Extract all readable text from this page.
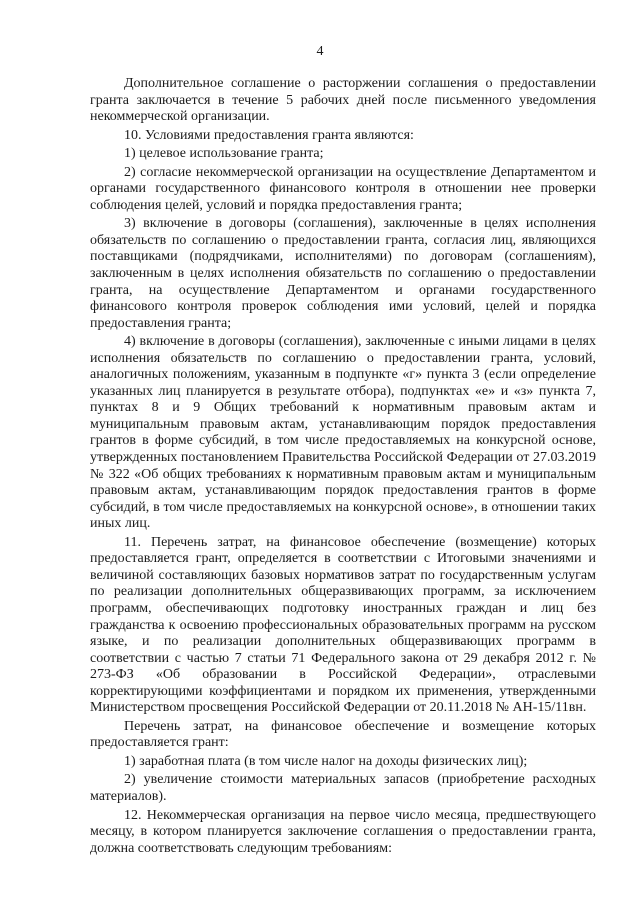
4

Дополнительное соглашение о расторжении соглашения о предоставлении гранта заключается в течение 5 рабочих дней после письменного уведомления некоммерческой организации.

10. Условиями предоставления гранта являются:

1) целевое использование гранта;

2) согласие некоммерческой организации на осуществление Департаментом и органами государственного финансового контроля в отношении нее проверки соблюдения целей, условий и порядка предоставления гранта;

3) включение в договоры (соглашения), заключенные в целях исполнения обязательств по соглашению о предоставлении гранта, согласия лиц, являющихся поставщиками (подрядчиками, исполнителями) по договорам (соглашениям), заключенным в целях исполнения обязательств по соглашению о предоставлении гранта, на осуществление Департаментом и органами государственного финансового контроля проверок соблюдения ими условий, целей и порядка предоставления гранта;

4) включение в договоры (соглашения), заключенные с иными лицами в целях исполнения обязательств по соглашению о предоставлении гранта, условий, аналогичных положениям, указанным в подпункте «г» пункта 3 (если определение указанных лиц планируется в результате отбора), подпунктах «е» и «з» пункта 7, пунктах 8 и 9 Общих требований к нормативным правовым актам и муниципальным правовым актам, устанавливающим порядок предоставления грантов в форме субсидий, в том числе предоставляемых на конкурсной основе, утвержденных постановлением Правительства Российской Федерации от 27.03.2019 № 322 «Об общих требованиях к нормативным правовым актам и муниципальным правовым актам, устанавливающим порядок предоставления грантов в форме субсидий, в том числе предоставляемых на конкурсной основе», в отношении таких иных лиц.

11. Перечень затрат, на финансовое обеспечение (возмещение) которых предоставляется грант, определяется в соответствии с Итоговыми значениями и величиной составляющих базовых нормативов затрат по государственным услугам по реализации дополнительных общеразвивающих программ, за исключением программ, обеспечивающих подготовку иностранных граждан и лиц без гражданства к освоению профессиональных образовательных программ на русском языке, и по реализации дополнительных общеразвивающих программ в соответствии с частью 7 статьи 71 Федерального закона от 29 декабря 2012 г. № 273-ФЗ «Об образовании в Российской Федерации», отраслевыми корректирующими коэффициентами и порядком их применения, утвержденными Министерством просвещения Российской Федерации от 20.11.2018 № АН-15/11вн.

Перечень затрат, на финансовое обеспечение и возмещение которых предоставляется грант:

1) заработная плата (в том числе налог на доходы физических лиц);

2) увеличение стоимости материальных запасов (приобретение расходных материалов).

12. Некоммерческая организация на первое число месяца, предшествующего месяцу, в котором планируется заключение соглашения о предоставлении гранта, должна соответствовать следующим требованиям:
